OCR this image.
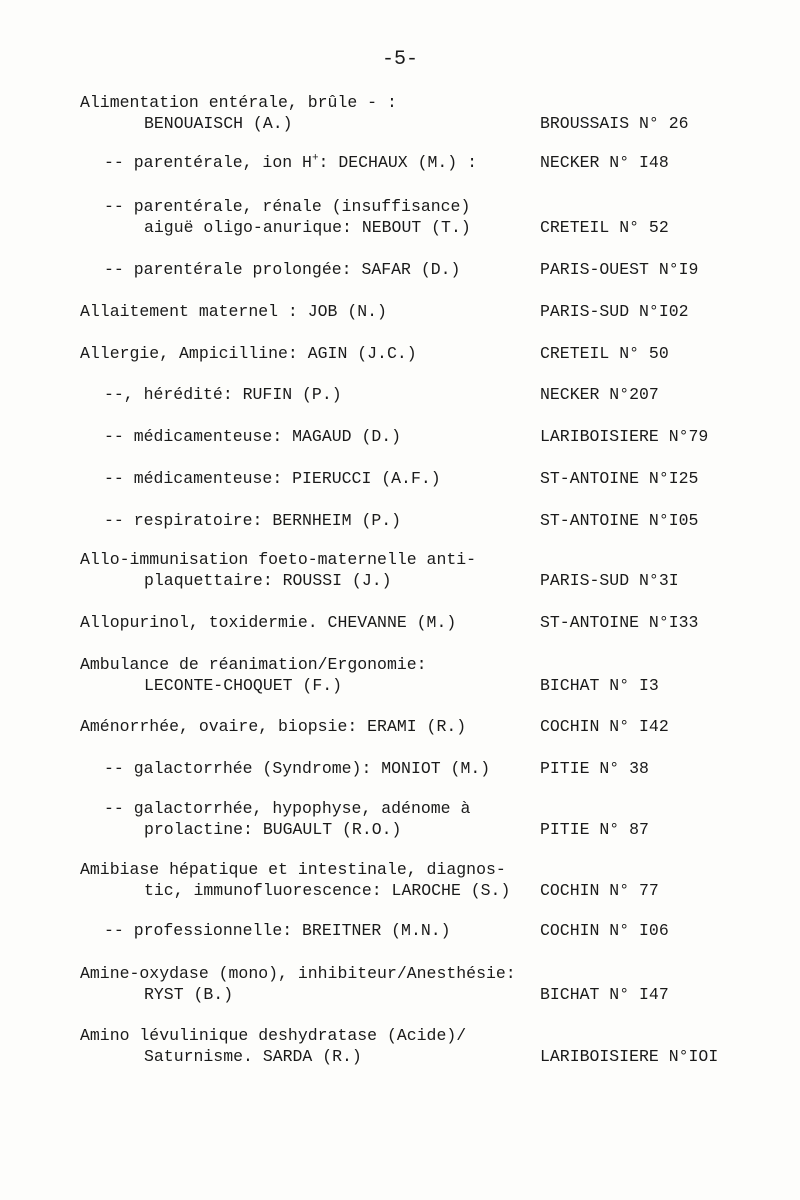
-5-
Alimentation entérale, brûle - :
BENOUAISCH (A.)	BROUSSAIS N° 26
-- parentérale, ion H+: DECHAUX (M.) :	NECKER N° I48
-- parentérale, rénale (insuffisance)
aiguë oligo-anurique: NEBOUT (T.)	CRETEIL N° 52
-- parentérale prolongée: SAFAR (D.)	PARIS-OUEST N°I9
Allaitement maternel : JOB (N.)	PARIS-SUD N°I02
Allergie, Ampicilline: AGIN (J.C.)	CRETEIL N° 50
--, hérédité: RUFIN (P.)	NECKER N°207
-- médicamenteuse: MAGAUD (D.)	LARIBOISIERE N°79
-- médicamenteuse: PIERUCCI (A.F.)	ST-ANTOINE N°I25
-- respiratoire: BERNHEIM (P.)	ST-ANTOINE N°I05
Allo-immunisation foeto-maternelle anti-
plaquettaire: ROUSSI (J.)	PARIS-SUD N°3I
Allopurinol, toxidermie. CHEVANNE (M.)	ST-ANTOINE N°I33
Ambulance de réanimation/Ergonomie:
LECONTE-CHOQUET (F.)	BICHAT N° I3
Aménorrhée, ovaire, biopsie: ERAMI (R.)	COCHIN N° I42
-- galactorrhée (Syndrome): MONIOT (M.)	PITIE N° 38
-- galactorrhée, hypophyse, adénome à
prolactine: BUGAULT (R.O.)	PITIE N° 87
Amibiase hépatique et intestinale, diagnos-
tic, immunofluorescence: LAROCHE (S.) COCHIN N° 77
-- professionnelle: BREITNER (M.N.)	COCHIN N° I06
Amine-oxydase (mono), inhibiteur/Anesthésie:
RYST (B.)	BICHAT N° I47
Amino lévulinique deshydratase (Acide)/
Saturnisme. SARDA (R.)	LARIBOISIERE N°IOI
